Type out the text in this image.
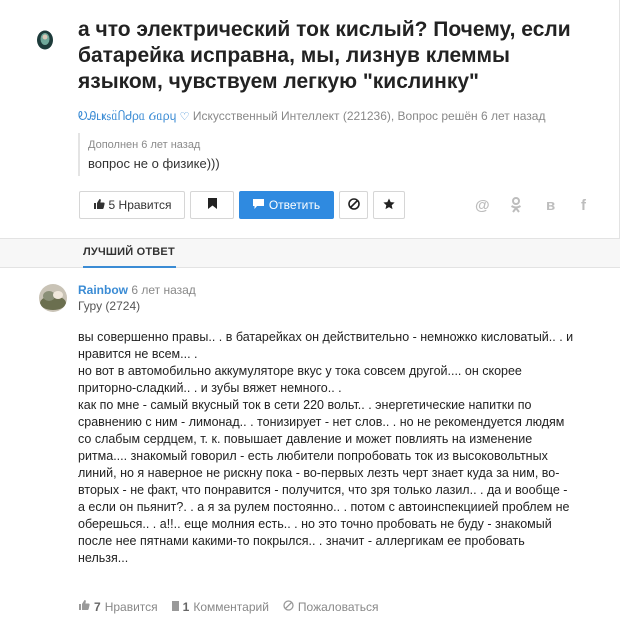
а что электрический ток кислый? Почему, если батарейка исправна, мы, лизнув клеммы языком, чувствуем легкую "кислинку"
ᎧᎯʟҝ᥉ᥲ̈ႶᏧρᥲ Ᏽᥲρɥ ♡ Искусственный Интеллект (221236), Вопрос решён 6 лет назад
Дополнен 6 лет назад
вопрос не о физике)))
5 Нравится	Ответить	@	в f
ЛУЧШИЙ ОТВЕТ
Rainbow 6 лет назад
Гуру (2724)
вы совершенно правы.. . в батарейках он действительно - немножко кисловатый.. . и
нравится не всем... .
но вот в автомобильно аккумуляторе вкус у тока совсем другой.... он скорее
приторно-сладкий.. . и зубы вяжет немного.. .
как по мне - самый вкусный ток в сети 220 вольт.. . энергетические напитки по
сравнению с ним - лимонад.. . тонизирует - нет слов.. . но не рекомендуется людям
со слабым сердцем, т. к. повышает давление и может повлиять на изменение
ритма.... знакомый говорил - есть любители попробовать ток из высоковольтных
линий, но я наверное не рискну пока - во-первых лезть черт знает куда за ним, во-
вторых - не факт, что понравится - получится, что зря только лазил.. . да и вообще -
а если он пьянит?. . а я за рулем постоянно.. . потом с автоинспекциией проблем не
оберешься.. . а!!.. еще молния есть.. . но это точно пробовать не буду - знакомый
после нее пятнами какими-то покрылся.. . значит - аллергикам ее пробовать
нельзя...
7 Нравится 1 Комментарий Пожаловаться
